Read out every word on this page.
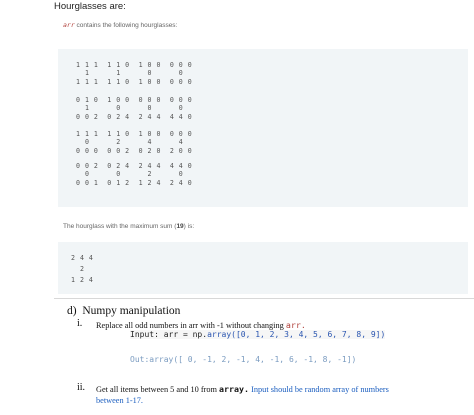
Hourglasses are:
arr contains the following hourglasses:
1 1 1  1 1 0  1 0 0  0 0 0
1      1      0      0
1 1 1  1 1 0  1 0 0  0 0 0
0 1 0  1 0 0  0 0 0  0 0 0
1      0      0      0
0 0 2  0 2 4  2 4 4  4 4 0
1 1 1  1 1 0  1 0 0  0 0 0
0      2      4      4
0 0 0  0 0 2  0 2 0  2 0 0
0 0 2  0 2 4  2 4 4  4 4 0
0      0      2      0
0 0 1  0 1 2  1 2 4  2 4 0
The hourglass with the maximum sum (19) is:
2 4 4
2
1 2 4
d) Numpy manipulation
i. Replace all odd numbers in arr with -1 without changing arr.
Input: arr = np.array([0, 1, 2, 3, 4, 5, 6, 7, 8, 9])
Out:array([ 0, -1, 2, -1, 4, -1, 6, -1, 8, -1])
ii. Get all items between 5 and 10 from array. Input should be random array of numbers between 1-17.
